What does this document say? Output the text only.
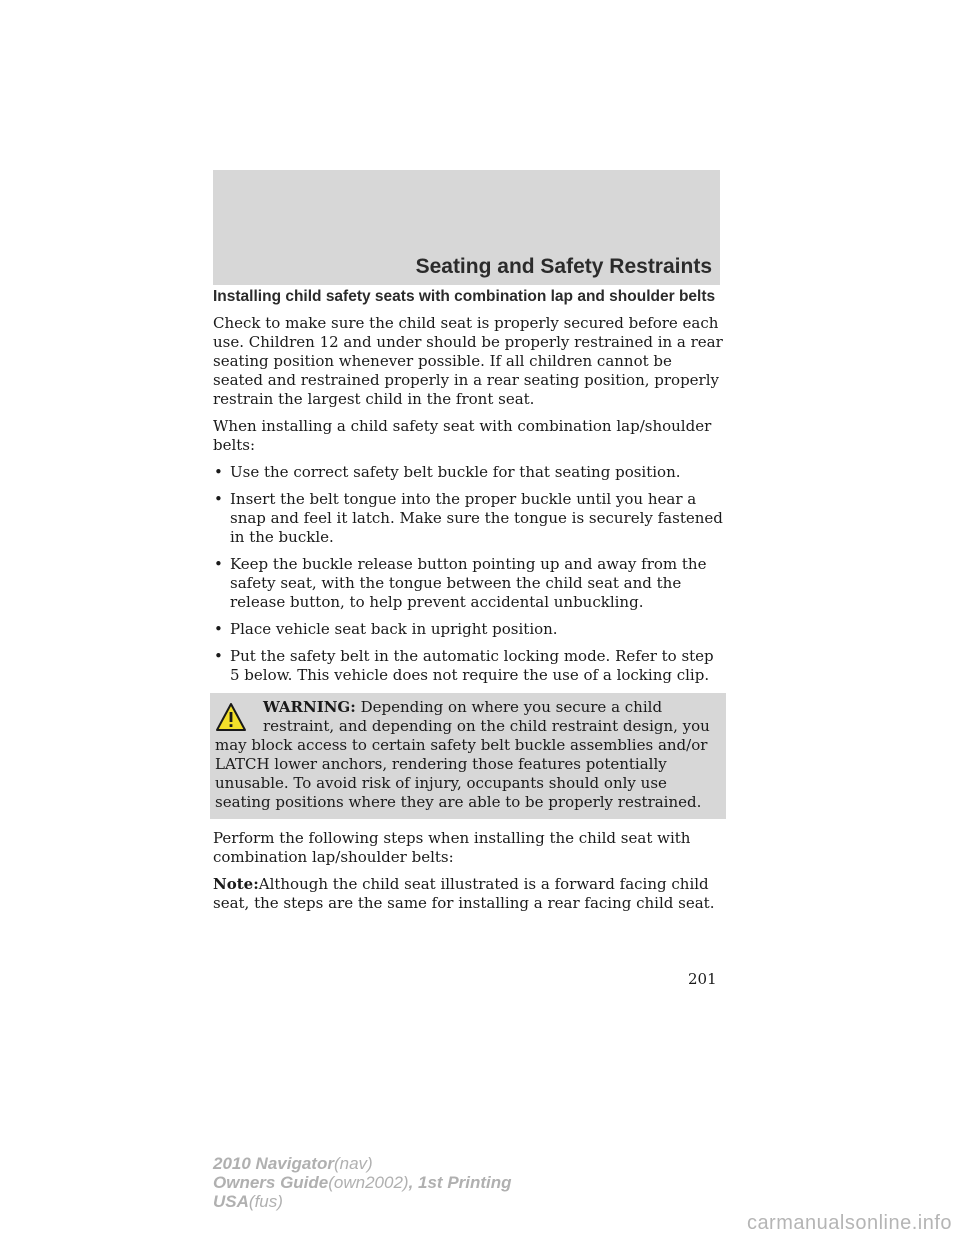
Seating and Safety Restraints
Installing child safety seats with combination lap and shoulder belts

Check to make sure the child seat is properly secured before each use. Children 12 and under should be properly restrained in a rear seating position whenever possible. If all children cannot be seated and restrained properly in a rear seating position, properly restrain the largest child in the front seat.

When installing a child safety seat with combination lap/shoulder belts:

• Use the correct safety belt buckle for that seating position.
• Insert the belt tongue into the proper buckle until you hear a snap and feel it latch. Make sure the tongue is securely fastened in the buckle.
• Keep the buckle release button pointing up and away from the safety seat, with the tongue between the child seat and the release button, to help prevent accidental unbuckling.
• Place vehicle seat back in upright position.
• Put the safety belt in the automatic locking mode. Refer to step 5 below. This vehicle does not require the use of a locking clip.
WARNING: Depending on where you secure a child restraint, and depending on the child restraint design, you may block access to certain safety belt buckle assemblies and/or LATCH lower anchors, rendering those features potentially unusable. To avoid risk of injury, occupants should only use seating positions where they are able to be properly restrained.

Perform the following steps when installing the child seat with combination lap/shoulder belts:

Note:Although the child seat illustrated is a forward facing child seat, the steps are the same for installing a rear facing child seat.

201

2010 Navigator(nav)
Owners Guide(own2002), 1st Printing
USA(fus)
carmanualsonline.info
